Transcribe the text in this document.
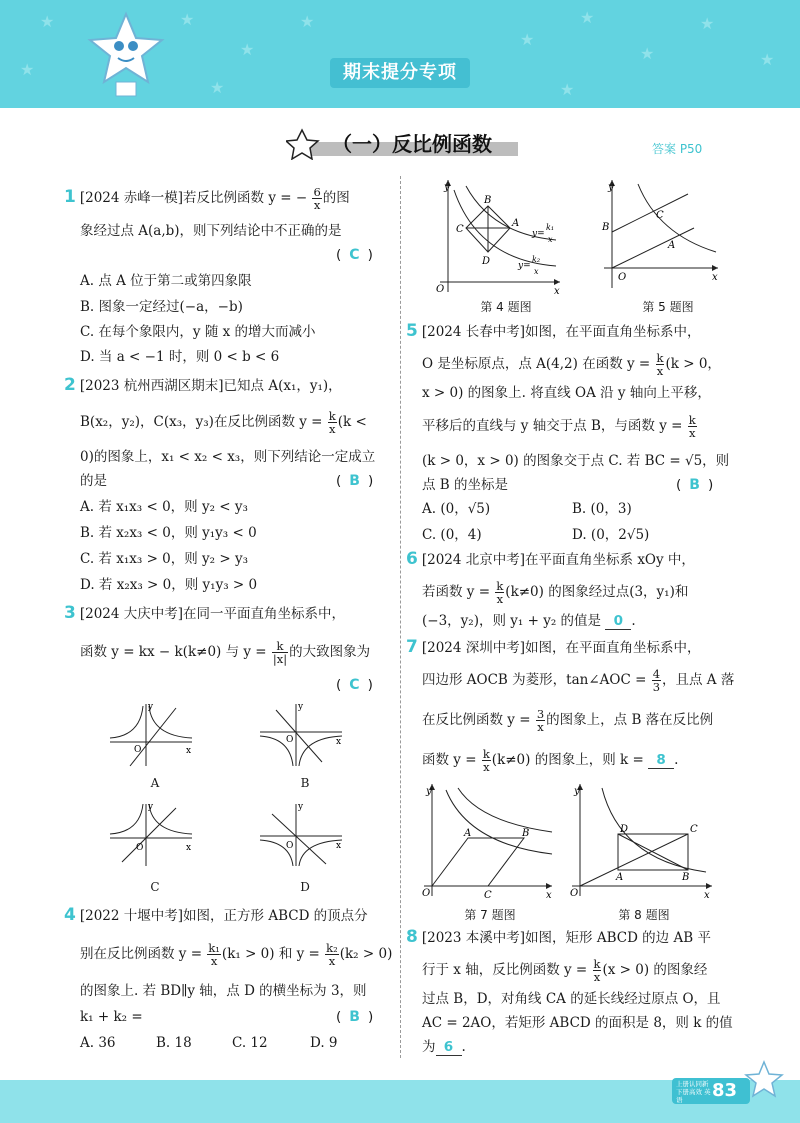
★
★
★
★
★
★
★
★
★
★
★	★
期末提分专项
（一）反比例函数	答案 P50
1 [2024 赤峰一模]若反比例函数 y = − $\frac{6}{x}$ 的图
象经过点 A(a,b)，则下列结论中不正确的是
( C )
A. 点 A 位于第二或第四象限
B. 图象一定经过(−a，−b)
C. 在每个象限内，y 随 x 的增大而减小
D. 当 a < −1 时，则 0 < b < 6
2 [2023 杭州西湖区期末]已知点 A(x₁，y₁)，
B(x₂，y₂)，C(x₃，y₃)在反比例函数 $y = \frac{k}{x} (k$ <
0)的图象上，x₁ < x₂ < x₃，则下列结论一定成立
的是	( B )
A. 若 x₁x₃ < 0，则 y₂ < y₃
B. 若 x₂x₃ < 0，则 y₁y₃ < 0
C. 若 x₁x₃ > 0，则 y₂ > y₃
D. 若 x₂x₃ > 0，则 y₁y₃ > 0
3 [2024 大庆中考]在同一平面直角坐标系中，
函数 y = kx − k(k≠0) 与 $y = \frac{k}{|x|}$ 的大致图象为
( C )
y
x
O
A
y
x
O
B
y
x
O
C
y
x
O
D
4 [2022 十堰中考]如图，正方形 ABCD 的顶点分
别在反比例函数 $y = \frac{\text{k₁}}{x} (k_1 > 0)$ 和 $y = \frac{\text{k₂}}{x} (k_2 > 0)$
的图象上. 若 BD∥y 轴，点 D 的横坐标为 3，则
k₁ + k₂ =	( B )
A. 36	B. 18	C. 12	D. 9
y
x
O
B
A
C
D
y=
k₁
x
y=
k₂
x
第 4 题图
y
x
O
B
C
A
第 5 题图
5 [2024 长春中考]如图，在平面直角坐标系中，
O 是坐标原点，点 A(4,2) 在函数 $y = \frac{k}{x} (k > 0$，
x > 0) 的图象上. 将直线 OA 沿 y 轴向上平移，
平移后的直线与 y 轴交于点 B，与函数 $y = \frac{k}{x}$
(k > 0，x > 0) 的图象交于点 C. 若 BC = √5，则
点 B 的坐标是	( B )
A. (0，√5)	B. (0，3)
C. (0，4)	D. (0，2√5)
6 [2024 北京中考]在平面直角坐标系 xOy 中，
若函数 $y = \frac{k}{x} (k\ne 0)$ 的图象经过点(3，y₁)和
(−3，y₂)，则 y₁ + y₂ 的值是 0 .
7 [2024 深圳中考]如图，在平面直角坐标系中，
四边形 AOCB 为菱形，tan∠AOC = $\frac{4}{3}$ ，且点 A 落
在反比例函数 $y = \frac{3}{x}$ 的图象上，点 B 落在反比例
函数 $y = \frac{k}{x} (k\ne 0)$ 的图象上，则 k = 8 .
y
x
O
A	B
C
第 7 题图
y
x
O
D	C
A	B
第 8 题图
8 [2023 本溪中考]如图，矩形 ABCD 的边 AB 平
行于 x 轴，反比例函数 $y = \frac{k}{x} (x > 0)$ 的图象经
过点 B，D，对角线 CA 的延长线经过原点 O，且
AC = 2AO，若矩形 ABCD 的面积是 8，则 k 的值
为 6 .
上册认同新
下册高效 英语	83
